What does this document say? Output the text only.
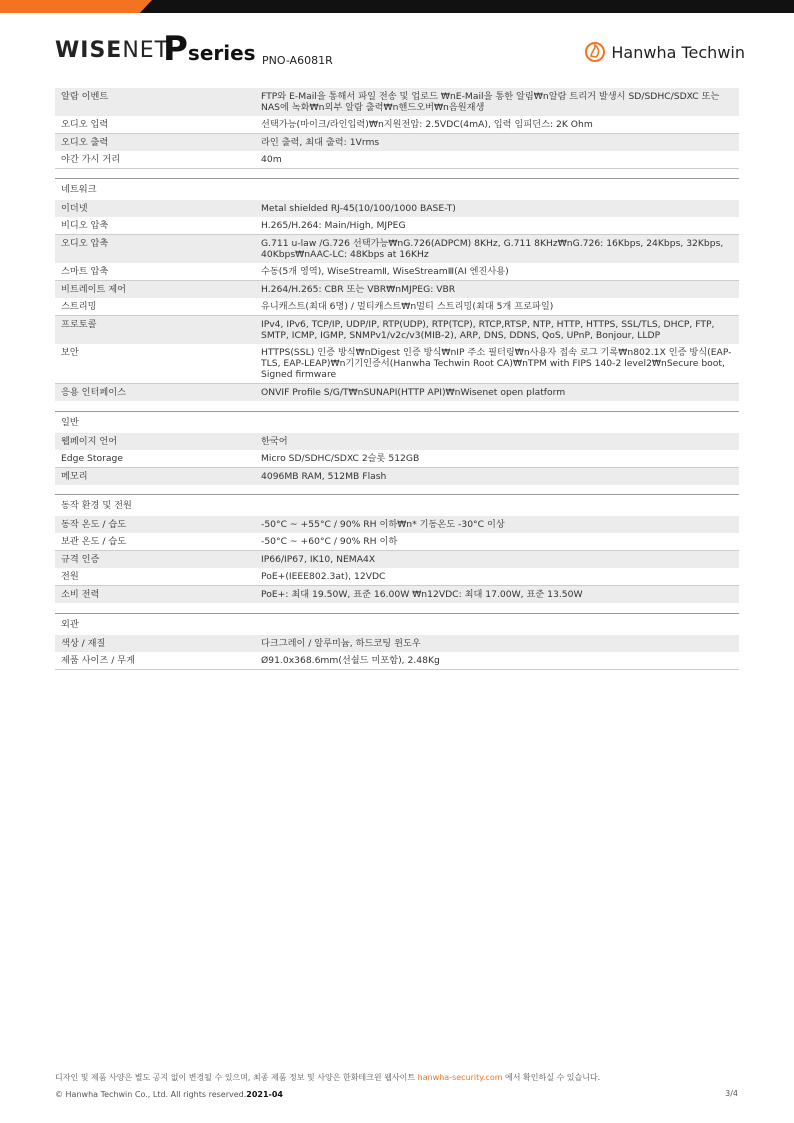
WISENET
Pseries PNO-A6081R	Hanwha Techwin
알람 이벤트	FTP와 E-Mail을 통해서 파일 전송 및 업로드 ₩nE-Mail을 통한 알림₩n알람 트리거 발생시 SD/SDHC/SDXC 또는 NAS에 녹화₩n외부 알람 출력₩n핸드오버₩n음원재생
오디오 입력	선택가능(마이크/라인입력)₩n지원전압: 2.5VDC(4mA), 입력 임피던스: 2K Ohm
오디오 출력	라인 출력, 최대 출력: 1Vrms
야간 가시 거리	40m

네트워크	
이더넷	Metal shielded RJ-45(10/100/1000 BASE-T)
비디오 압축	H.265/H.264: Main/High, MJPEG
오디오 압축	G.711 u-law /G.726 선택가능₩nG.726(ADPCM) 8KHz, G.711 8KHz₩nG.726: 16Kbps, 24Kbps, 32Kbps, 40Kbps₩nAAC-LC: 48Kbps at 16KHz
스마트 압축	수동(5개 영역), WiseStreamⅡ, WiseStreamⅢ(AI 엔진사용)
비트레이트 제어	H.264/H.265: CBR 또는 VBR₩nMJPEG: VBR
스트리밍	유니캐스트(최대 6명) / 멀티캐스트₩n멀티 스트리밍(최대 5개 프로파일)
프로토콜	IPv4, IPv6, TCP/IP, UDP/IP, RTP(UDP), RTP(TCP), RTCP,RTSP, NTP, HTTP, HTTPS, SSL/TLS, DHCP, FTP, SMTP, ICMP, IGMP, SNMPv1/v2c/v3(MIB-2), ARP, DNS, DDNS, QoS, UPnP, Bonjour, LLDP
보안	HTTPS(SSL) 인증 방식₩nDigest 인증 방식₩nIP 주소 필터링₩n사용자 접속 로그 기록₩n802.1X 인증 방식(EAP-TLS, EAP-LEAP)₩n기기인증서(Hanwha Techwin Root CA)₩nTPM with FIPS 140-2 level2₩nSecure boot, Signed firmware
응용 인터페이스	ONVIF Profile S/G/T₩nSUNAPI(HTTP API)₩nWisenet open platform

일반	
웹페이지 언어	한국어
Edge Storage	Micro SD/SDHC/SDXC 2슬롯 512GB
메모리	4096MB RAM, 512MB Flash

동작 환경 및 전원	
동작 온도 / 습도	-50°C ~ +55°C / 90% RH 이하₩n* 기동온도 -30°C 이상
보관 온도 / 습도	-50°C ~ +60°C / 90% RH 이하
규격 인증	IP66/IP67, IK10, NEMA4X
전원	PoE+(IEEE802.3at), 12VDC
소비 전력	PoE+: 최대 19.50W, 표준 16.00W ₩n12VDC: 최대 17.00W, 표준 13.50W

외관	
색상 / 재질	다크그레이 / 알루미늄, 하드코팅 윈도우
제품 사이즈 / 무게	Ø91.0x368.6mm(선쉴드 미포함), 2.48Kg
디자인 및 제품 사양은 별도 공지 없이 변경될 수 있으며, 최종 제품 정보 및 사양은 한화테크윈 웹사이트 hanwha-security.com 에서 확인하실 수 있습니다.
© Hanwha Techwin Co., Ltd. All rights reserved.2021-04	3/4
